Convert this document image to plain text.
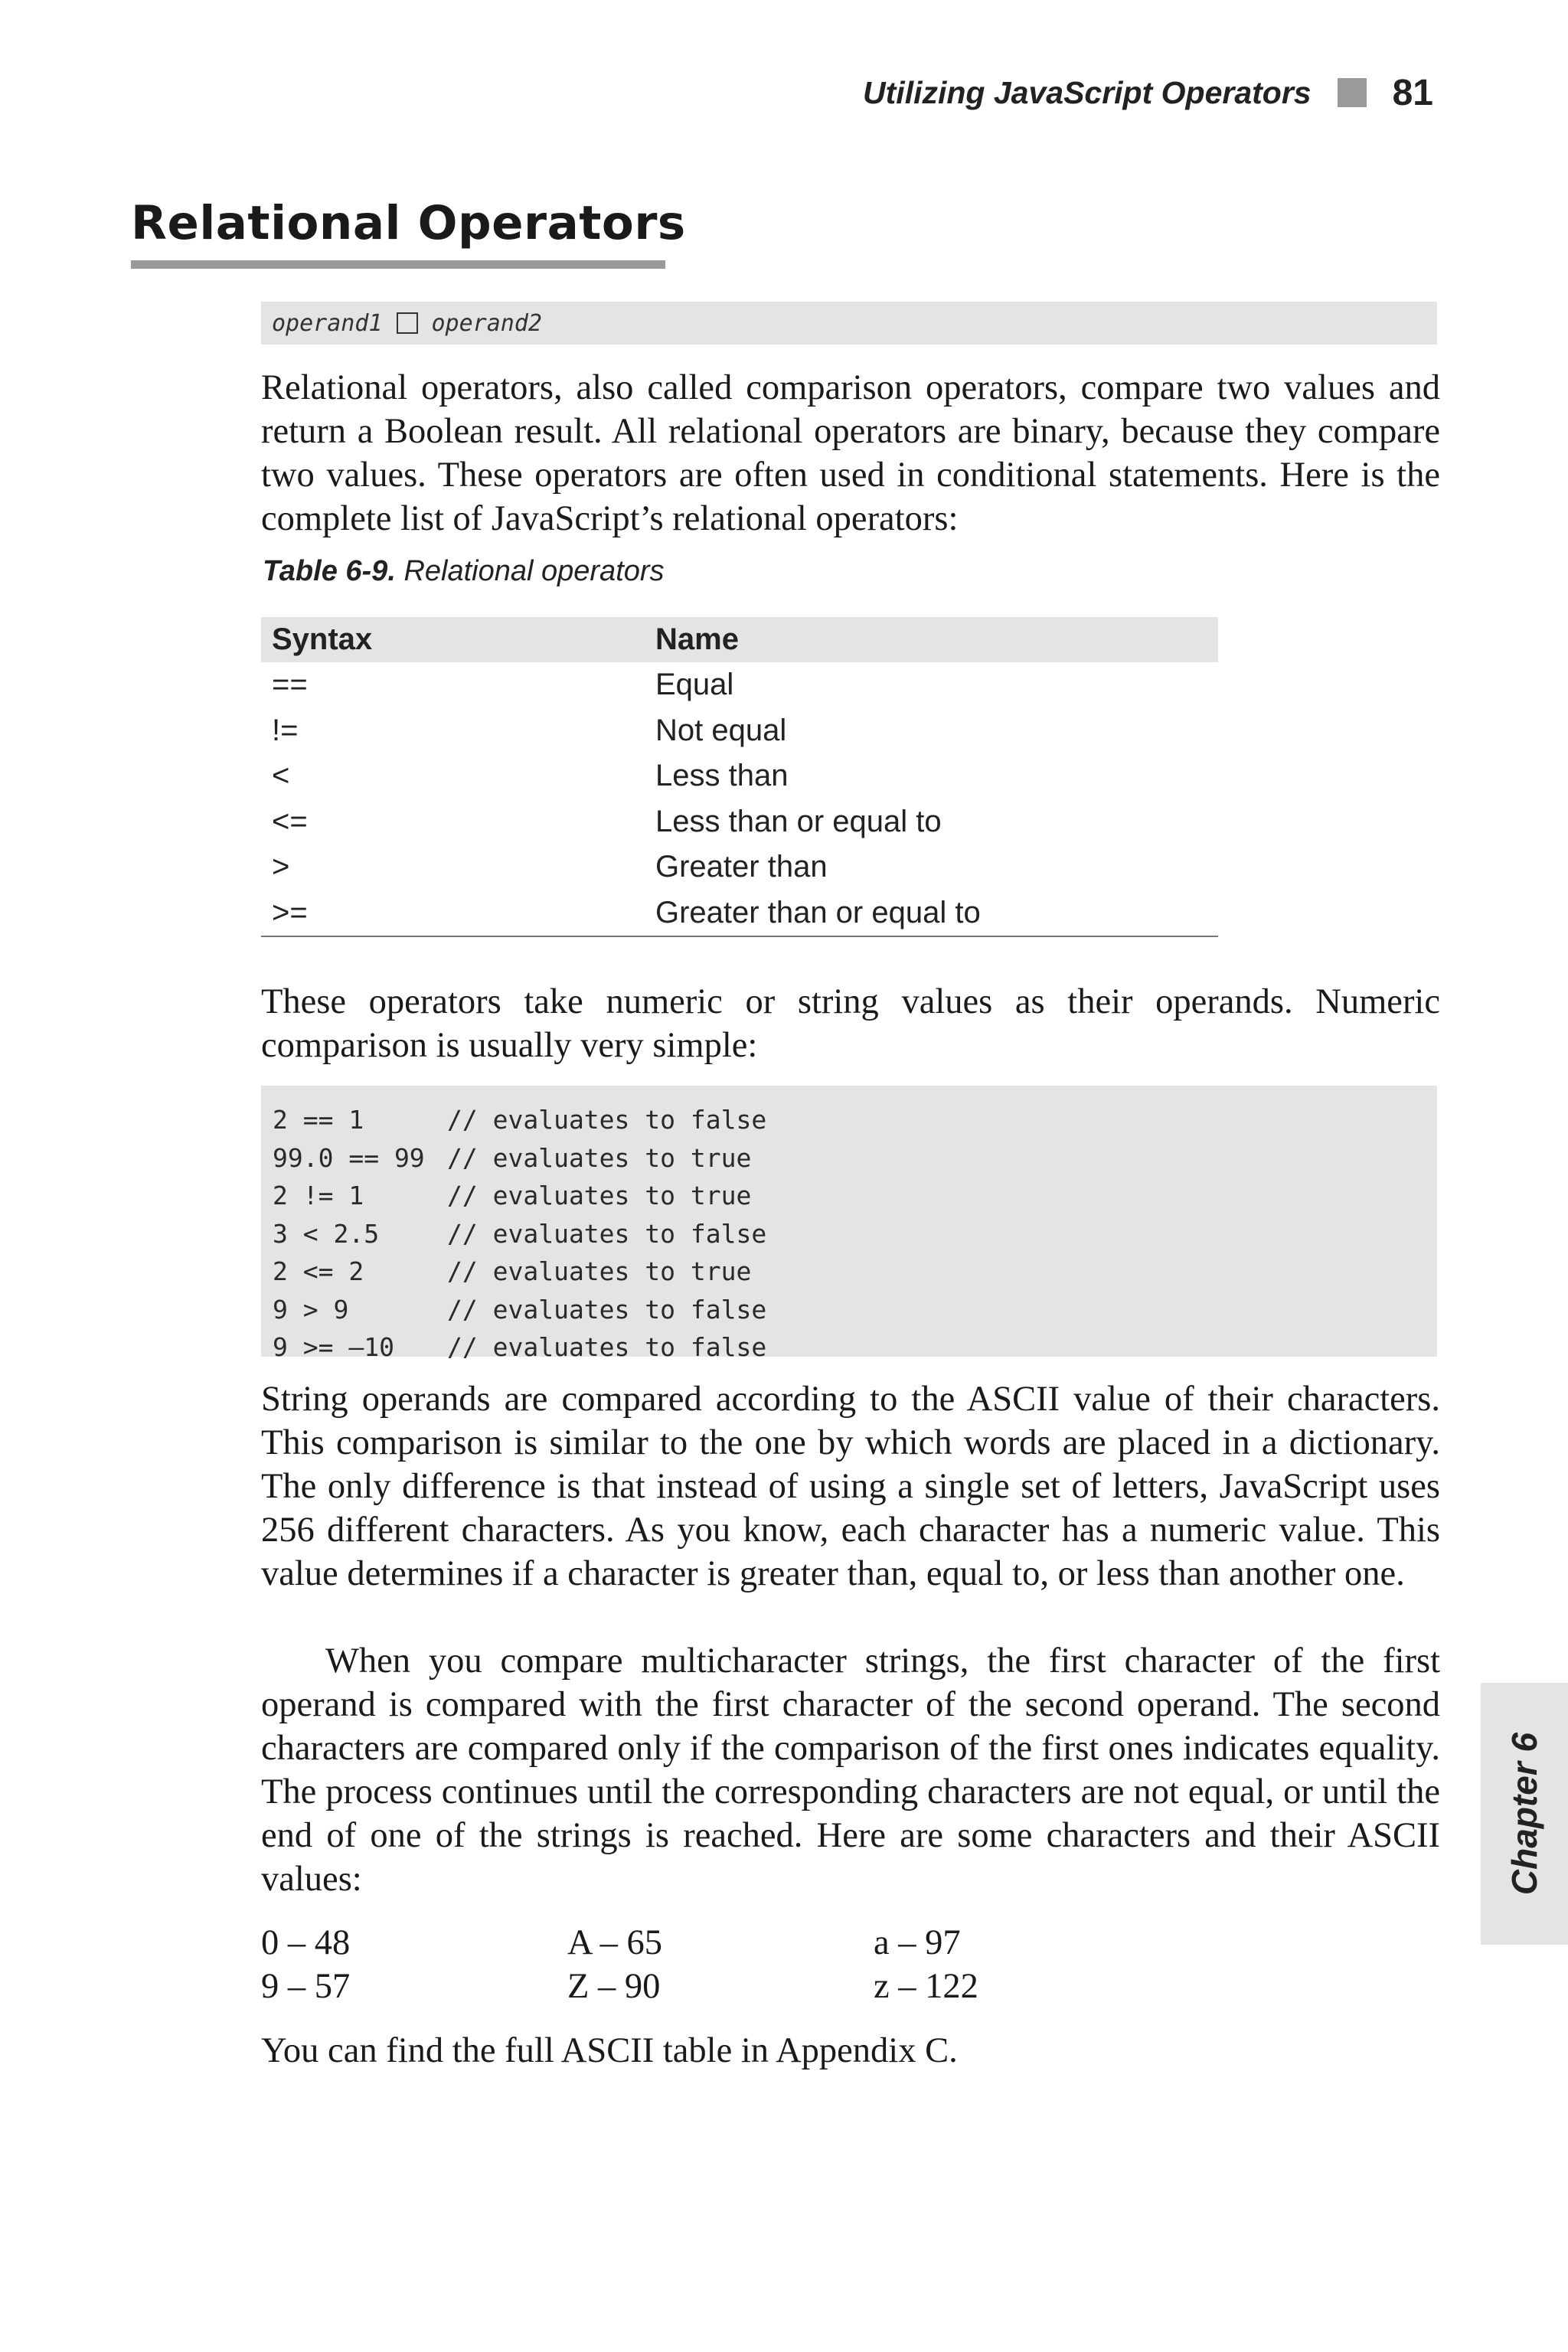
Utilizing JavaScript Operators 81
Relational Operators
operand1 operand2

Relational operators, also called comparison operators, compare two values and return a Boolean result. All relational operators are binary, because they compare two values. These operators are often used in conditional statements. Here is the complete list of JavaScript’s relational operators:

Table 6-9. Relational operators

Syntax	Name
==	Equal
!=	Not equal
<	Less than
<=	Less than or equal to
>	Greater than
>=	Greater than or equal to

These operators take numeric or string values as their operands. Numeric comparison is usually very simple:

2 == 1	// evaluates to false
99.0 == 99 // evaluates to true
2 != 1	// evaluates to true
3 < 2.5	// evaluates to false
2 <= 2	// evaluates to true
9 > 9	// evaluates to false
9 >= –10	// evaluates to false

String operands are compared according to the ASCII value of their characters. This comparison is similar to the one by which words are placed in a dictionary. The only difference is that instead of using a single set of letters, JavaScript uses 256 different characters. As you know, each character has a numeric value. This value determines if a character is greater than, equal to, or less than another one.

When you compare multicharacter strings, the first character of the first operand is compared with the first character of the second operand. The second characters are compared only if the comparison of the first ones indicates equality. The process continues until the corresponding characters are not equal, or until the end of one of the strings is reached. Here are some characters and their ASCII values:

0 – 48	A – 65	a – 97
9 – 57	Z – 90	z – 122

You can find the full ASCII table in Appendix C.

Chapter 6
